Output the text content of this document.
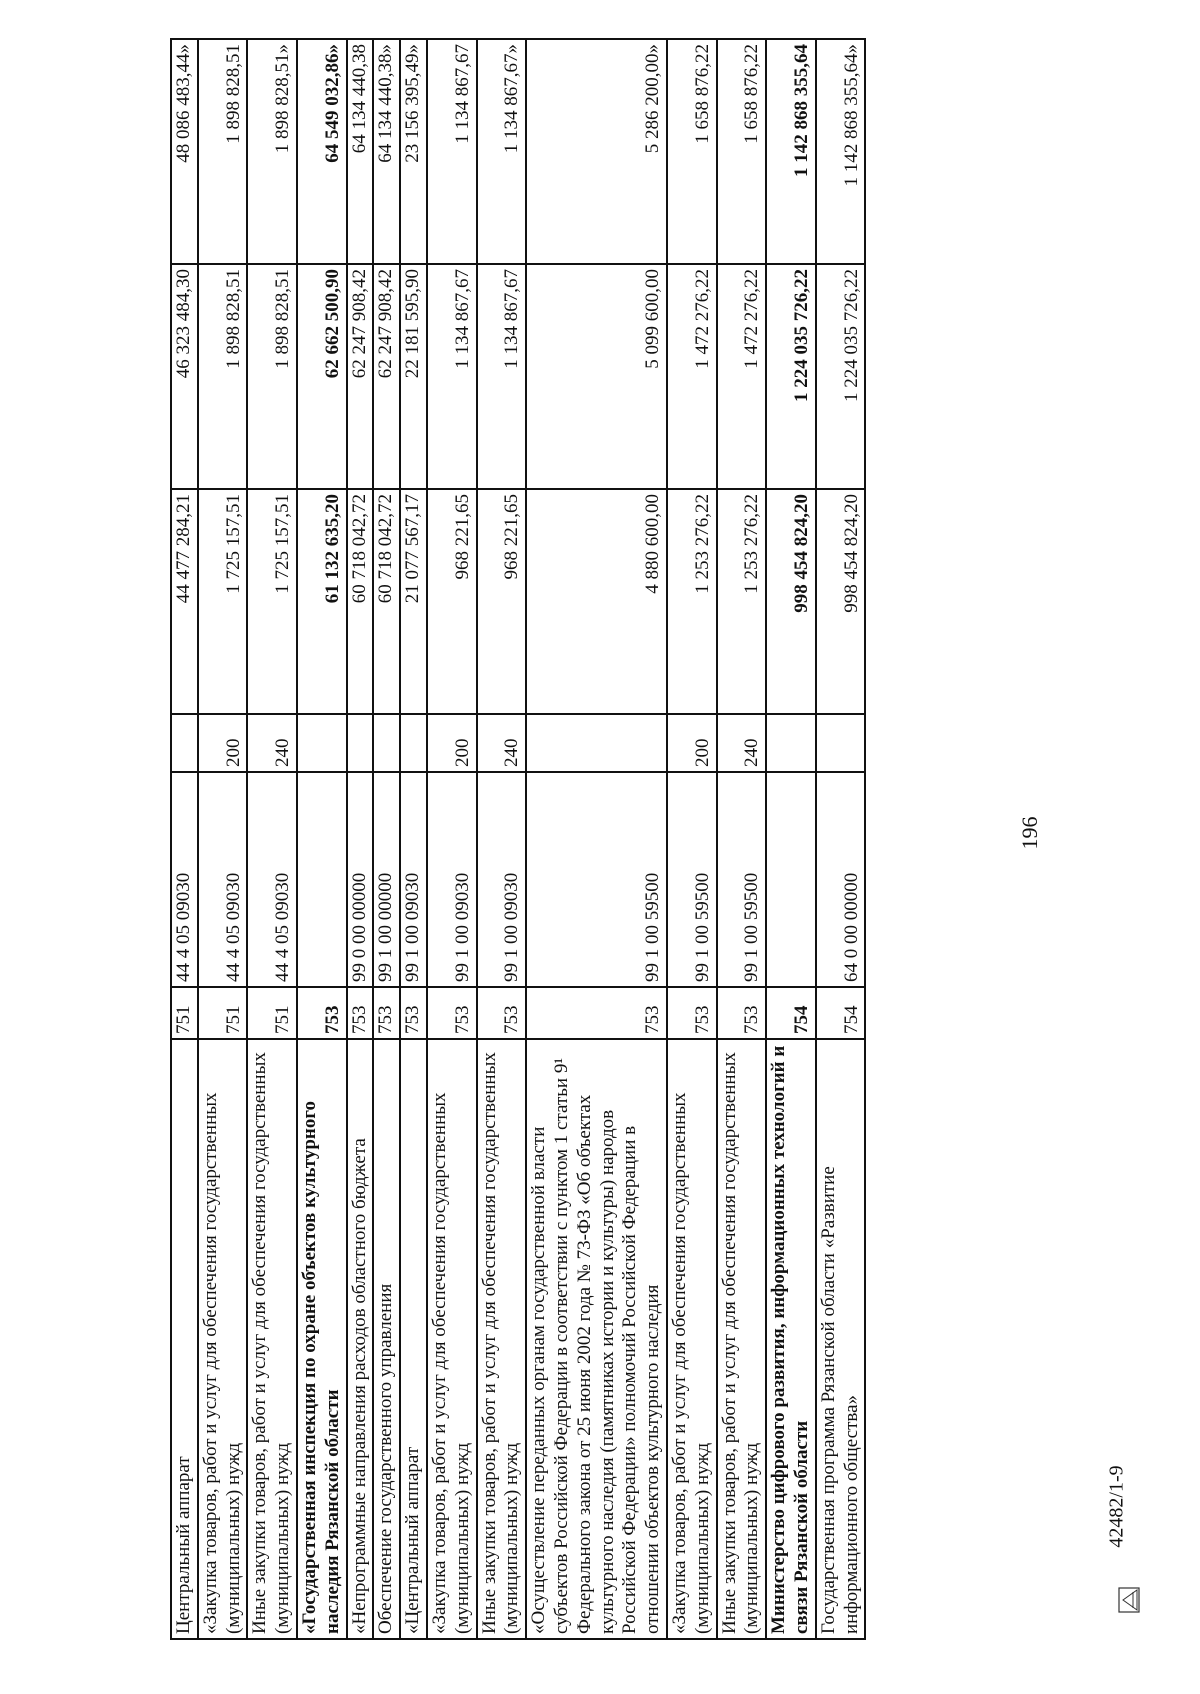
Центральный аппарат	751	44 4 05 09030		44 477 284,21	46 323 484,30	48 086 483,44»
«Закупка товаров, работ и услуг для обеспечения государственных (муниципальных) нужд	751	44 4 05 09030	200	1 725 157,51	1 898 828,51	1 898 828,51
Иные закупки товаров, работ и услуг для обеспечения государственных (муниципальных) нужд	751	44 4 05 09030	240	1 725 157,51	1 898 828,51	1 898 828,51»
«Государственная инспекция по охране объектов культурного наследия Рязанской области	753			61 132 635,20	62 662 500,90	64 549 032,86»
«Непрограммные направления расходов областного бюджета	753	99 0 00 00000		60 718 042,72	62 247 908,42	64 134 440,38
Обеспечение государственного управления	753	99 1 00 00000		60 718 042,72	62 247 908,42	64 134 440,38»
«Центральный аппарат	753	99 1 00 09030		21 077 567,17	22 181 595,90	23 156 395,49»
«Закупка товаров, работ и услуг для обеспечения государственных (муниципальных) нужд	753	99 1 00 09030	200	968 221,65	1 134 867,67	1 134 867,67
Иные закупки товаров, работ и услуг для обеспечения государственных (муниципальных) нужд	753	99 1 00 09030	240	968 221,65	1 134 867,67	1 134 867,67»
«Осуществление переданных органам государственной власти субъектов Российской Федерации в соответствии с пунктом 1 статьи 9¹ Федерального закона от 25 июня 2002 года № 73-ФЗ «Об объектах культурного наследия (памятниках истории и культуры) народов Российской Федерации» полномочий Российской Федерации в отношении объектов культурного наследия	753	99 1 00 59500		4 880 600,00	5 099 600,00	5 286 200,00»
«Закупка товаров, работ и услуг для обеспечения государственных (муниципальных) нужд	753	99 1 00 59500	200	1 253 276,22	1 472 276,22	1 658 876,22
Иные закупки товаров, работ и услуг для обеспечения государственных (муниципальных) нужд	753	99 1 00 59500	240	1 253 276,22	1 472 276,22	1 658 876,22
Министерство цифрового развития, информационных технологий и связи Рязанской области	754			998 454 824,20	1 224 035 726,22	1 142 868 355,64
Государственная программа Рязанской области «Развитие информационного общества»	754	64 0 00 00000		998 454 824,20	1 224 035 726,22	1 142 868 355,64»
196
42482/1-9
